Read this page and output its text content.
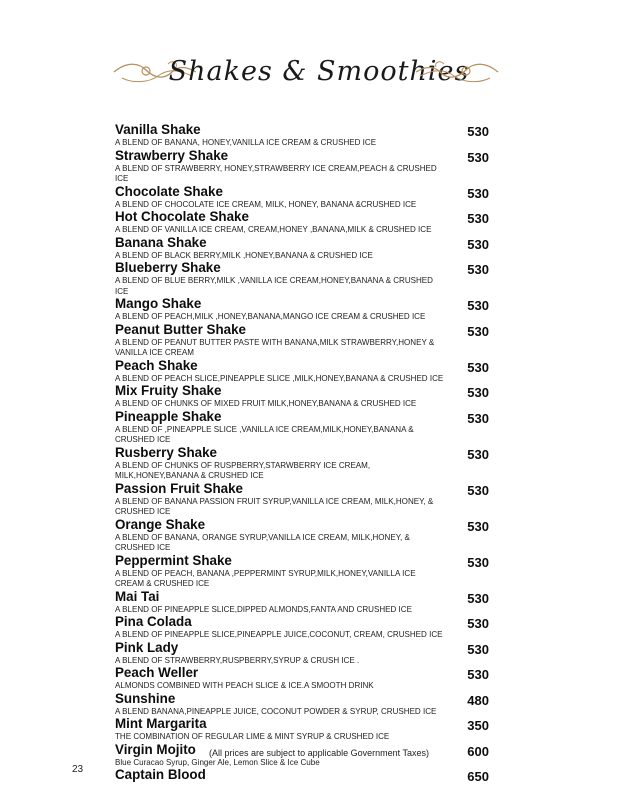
Shakes & Smoothies
Vanilla Shake	530
A BLEND OF BANANA, HONEY,VANILLA ICE CREAM & CRUSHED ICE
Strawberry Shake	530
A BLEND OF STRAWBERRY, HONEY,STRAWBERRY ICE CREAM,PEACH & CRUSHED ICE
Chocolate Shake	530
A BLEND OF CHOCOLATE ICE CREAM, MILK, HONEY, BANANA &CRUSHED ICE
Hot Chocolate Shake	530
A BLEND OF VANILLA ICE CREAM, CREAM,HONEY ,BANANA,MILK & CRUSHED ICE
Banana Shake	530
A BLEND OF BLACK BERRY,MILK ,HONEY,BANANA & CRUSHED ICE
Blueberry Shake	530
A BLEND OF BLUE BERRY,MILK ,VANILLA ICE CREAM,HONEY,BANANA & CRUSHED ICE
Mango Shake	530
A BLEND OF PEACH,MILK ,HONEY,BANANA,MANGO ICE CREAM & CRUSHED ICE
Peanut Butter Shake	530
A BLEND OF PEANUT BUTTER PASTE WITH BANANA,MILK STRAWBERRY,HONEY & VANILLA ICE CREAM
Peach Shake	530
A BLEND OF PEACH SLICE,PINEAPPLE SLICE ,MILK,HONEY,BANANA & CRUSHED ICE
Mix Fruity Shake	530
A BLEND OF CHUNKS OF MIXED FRUIT MILK,HONEY,BANANA & CRUSHED ICE
Pineapple Shake	530
A BLEND OF ,PINEAPPLE SLICE ,VANILLA ICE CREAM,MILK,HONEY,BANANA & CRUSHED ICE
Rusberry Shake	530
A BLEND OF CHUNKS OF RUSPBERRY,STARWBERRY ICE CREAM, MILK,HONEY,BANANA & CRUSHED ICE
Passion Fruit Shake	530
A BLEND OF BANANA PASSION FRUIT SYRUP,VANILLA ICE CREAM, MILK,HONEY, & CRUSHED ICE
Orange Shake	530
A BLEND OF BANANA, ORANGE SYRUP,VANILLA ICE CREAM, MILK,HONEY, & CRUSHED ICE
Peppermint Shake	530
A BLEND OF PEACH, BANANA ,PEPPERMINT SYRUP,MILK,HONEY,VANILLA ICE CREAM & CRUSHED ICE
Mai Tai	530
A BLEND OF PINEAPPLE SLICE,DIPPED ALMONDS,FANTA AND CRUSHED ICE
Pina Colada	530
A BLEND OF PINEAPPLE SLICE,PINEAPPLE JUICE,COCONUT, CREAM, CRUSHED ICE
Pink Lady	530
A BLEND OF STRAWBERRY,RUSPBERRY,SYRUP & CRUSH ICE .
Peach Weller	530
ALMONDS COMBINED WITH PEACH SLICE & ICE.A SMOOTH DRINK
Sunshine	480
A BLEND BANANA,PINEAPPLE JUICE, COCONUT POWDER & SYRUP, CRUSHED ICE
Mint Margarita	350
THE COMBINATION OF REGULAR LIME & MINT SYRUP & CRUSHED ICE
Virgin Mojito	600
Blue Curacao Syrup, Ginger Ale, Lemon Slice & Ice Cube
Captain Blood	650
(All prices are subject to applicable Government Taxes)
23
